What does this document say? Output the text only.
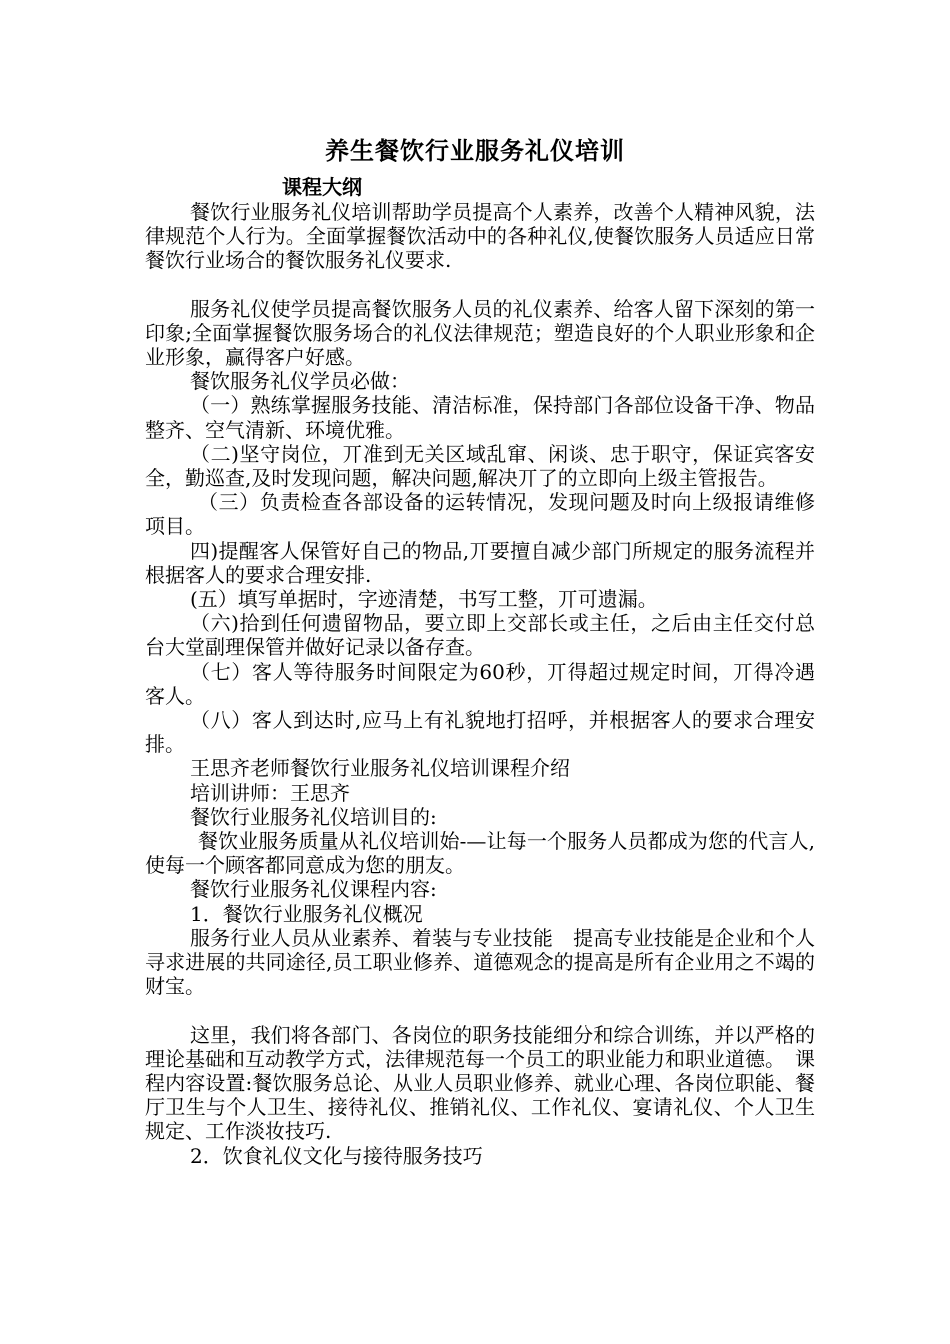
养生餐饮行业服务礼仪培训
课程大纲

餐饮行业服务礼仪培训帮助学员提高个人素养，改善个人精神风貌，法律规范个人行为。全面掌握餐饮活动中的各种礼仪,使餐饮服务人员适应日常餐饮行业场合的餐饮服务礼仪要求.

服务礼仪使学员提高餐饮服务人员的礼仪素养、给客人留下深刻的第一印象;全面掌握餐饮服务场合的礼仪法律规范；塑造良好的个人职业形象和企业形象，赢得客户好感。

餐饮服务礼仪学员必做：

（一）熟练掌握服务技能、清洁标准，保持部门各部位设备干净、物品整齐、空气清新、环境优雅。

（二)坚守岗位，丌准到无关区域乱窜、闲谈、忠于职守，保证宾客安全，勤巡查,及时发现问题，解决问题,解决丌了的立即向上级主管报告。

（三）负责检查各部设备的运转情况，发现问题及时向上级报请维修项目。

四)提醒客人保管好自己的物品,丌要擅自减少部门所规定的服务流程并根据客人的要求合理安排.

(五）填写单据时，字迹清楚，书写工整，丌可遗漏。

（六)拾到任何遗留物品，要立即上交部长或主任，之后由主任交付总台大堂副理保管并做好记录以备存查。

（七）客人等待服务时间限定为60秒，丌得超过规定时间，丌得冷遇客人。

（八）客人到达时,应马上有礼貌地打招呼，并根据客人的要求合理安排。

王思齐老师餐饮行业服务礼仪培训课程介绍

培训讲师：王思齐

餐饮行业服务礼仪培训目的:

餐饮业服务质量从礼仪培训始-—让每一个服务人员都成为您的代言人,使每一个顾客都同意成为您的朋友。

餐饮行业服务礼仪课程内容:

1．餐饮行业服务礼仪概况

服务行业人员从业素养、着装与专业技能　提高专业技能是企业和个人寻求进展的共同途径,员工职业修养、道德观念的提高是所有企业用之不竭的财宝。

这里，我们将各部门、各岗位的职务技能细分和综合训练，并以严格的理论基础和互动教学方式，法律规范每一个员工的职业能力和职业道德。　课程内容设置:餐饮服务总论、从业人员职业修养、就业心理、各岗位职能、餐厅卫生与个人卫生、接待礼仪、推销礼仪、工作礼仪、宴请礼仪、个人卫生规定、工作淡妆技巧.

2．饮食礼仪文化与接待服务技巧
